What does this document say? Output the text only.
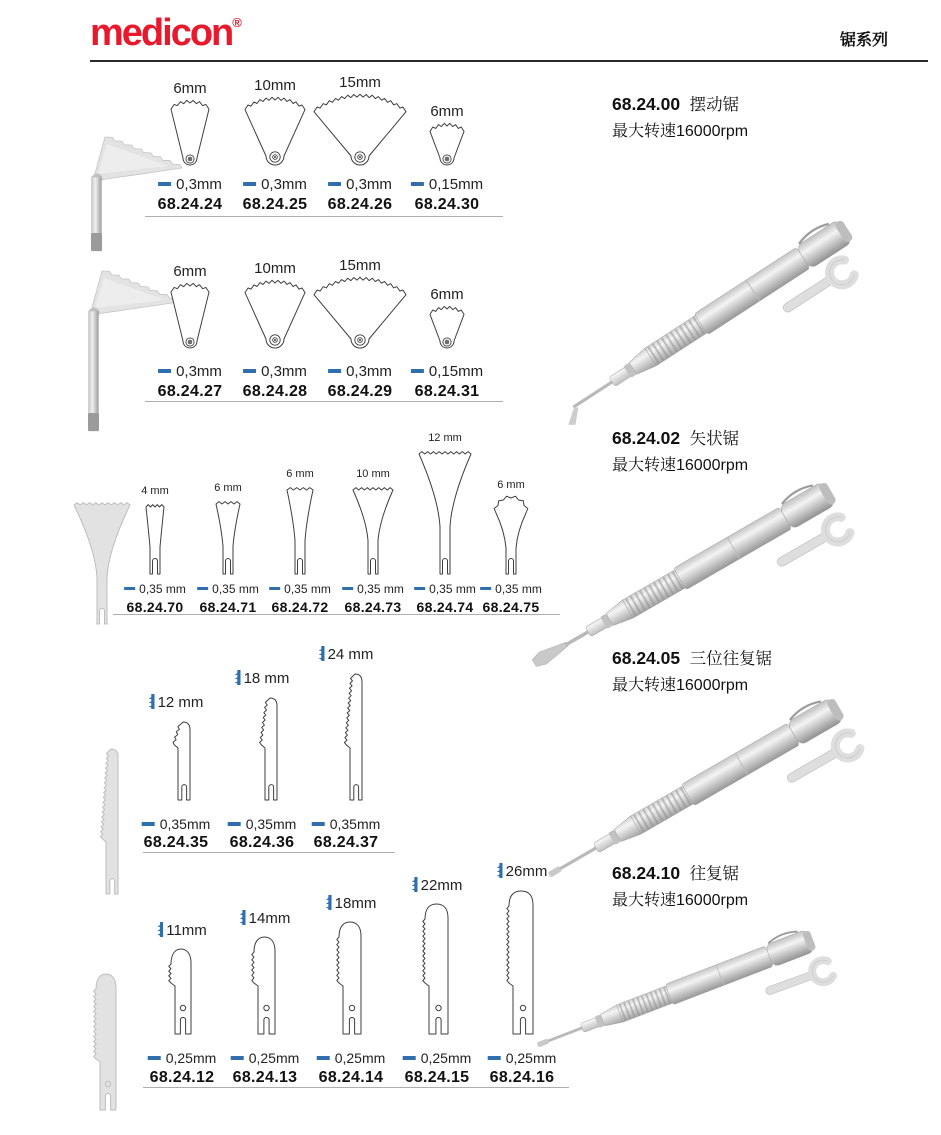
medicon®
锯系列
68.24.00 摆动锯
最大转速16000rpm
68.24.02 矢状锯
最大转速16000rpm
68.24.05 三位往复锯
最大转速16000rpm
68.24.10 往复锯
最大转速16000rpm
6mm
0,3mm
68.24.24
10mm
0,3mm
68.24.25
15mm
0,3mm
68.24.26
6mm
0,15mm
68.24.30
6mm
0,3mm
68.24.27
10mm
0,3mm
68.24.28
15mm
0,3mm
68.24.29
6mm
0,15mm
68.24.31
4 mm
0,35 mm
68.24.70
6 mm
0,35 mm
68.24.71
6 mm
0,35 mm
68.24.72
10 mm
0,35 mm
68.24.73
12 mm
0,35 mm
68.24.74
6 mm
0,35 mm
68.24.75
12 mm
0,35mm
68.24.35
18 mm
0,35mm
68.24.36
24 mm
0,35mm
68.24.37
11mm
0,25mm
68.24.12
14mm
0,25mm
68.24.13
18mm
0,25mm
68.24.14
22mm
0,25mm
68.24.15
26mm
0,25mm
68.24.16
